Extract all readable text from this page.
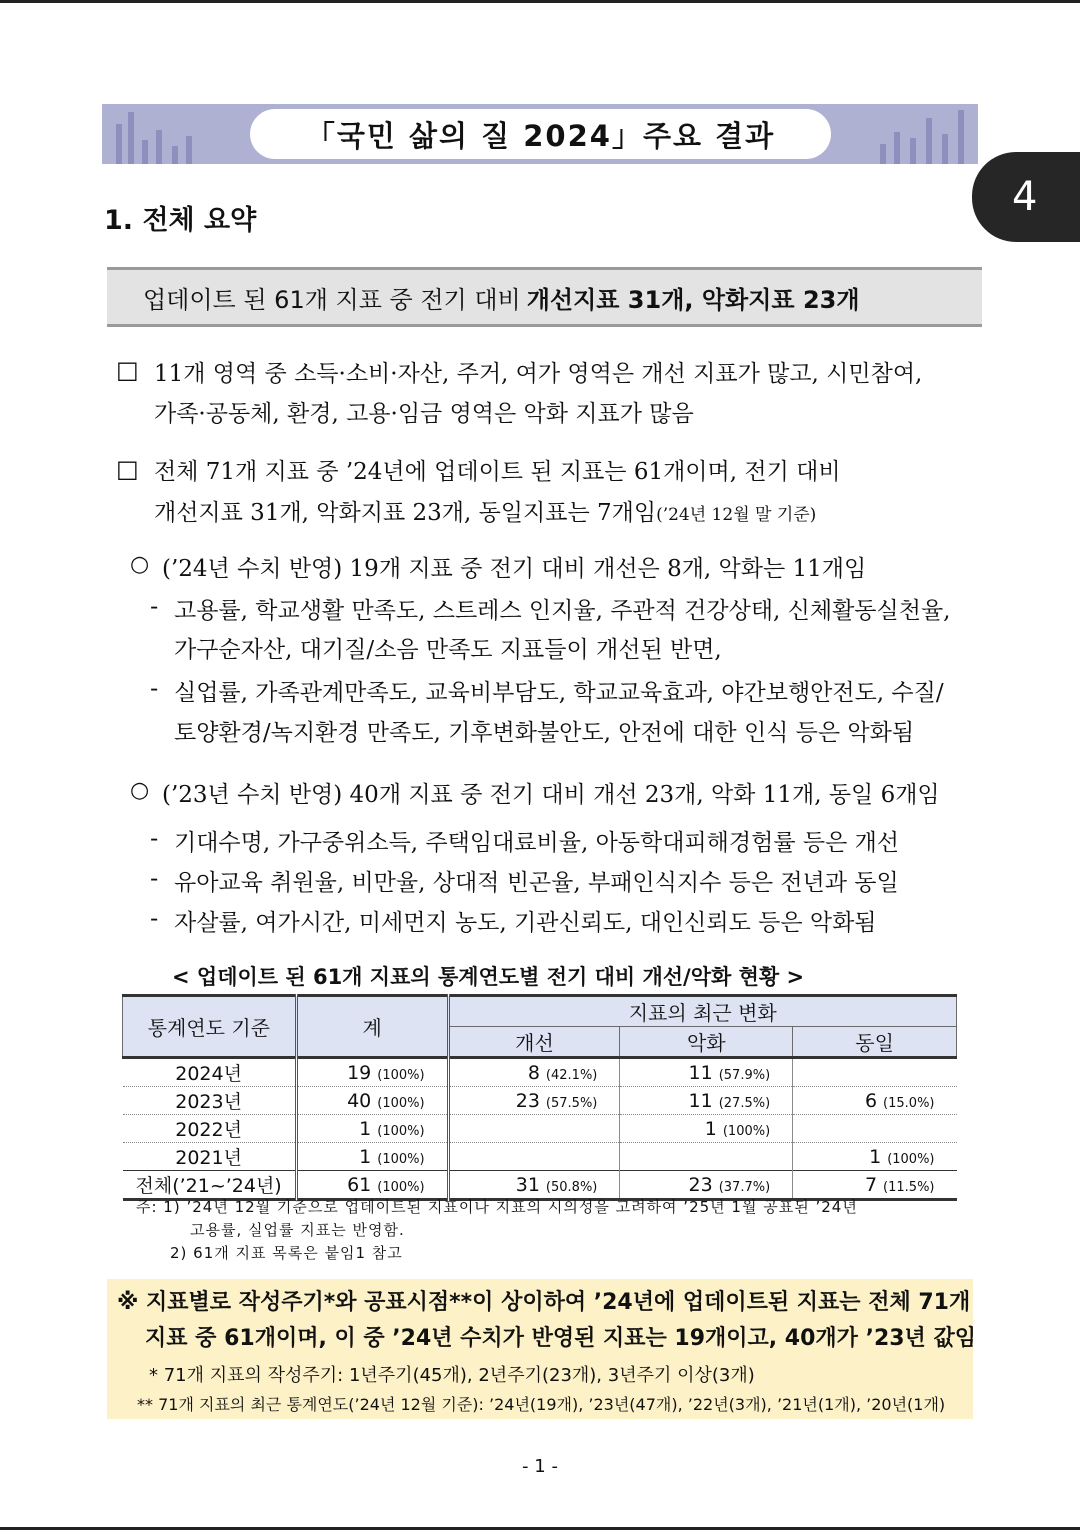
「국민 삶의 질 2024」주요 결과
4
1. 전체 요약
업데이트 된 61개 지표 중 전기 대비 개선지표 31개, 악화지표 23개
□ 11개 영역 중 소득·소비·자산, 주거, 여가 영역은 개선 지표가 많고, 시민참여,
가족·공동체, 환경, 고용·임금 영역은 악화 지표가 많음
□ 전체 71개 지표 중 ’24년에 업데이트 된 지표는 61개이며, 전기 대비
개선지표 31개, 악화지표 23개, 동일지표는 7개임(’24년 12월 말 기준)
○ (’24년 수치 반영) 19개 지표 중 전기 대비 개선은 8개, 악화는 11개임
- 고용률, 학교생활 만족도, 스트레스 인지율, 주관적 건강상태, 신체활동실천율,
가구순자산, 대기질/소음 만족도 지표들이 개선된 반면,
- 실업률, 가족관계만족도, 교육비부담도, 학교교육효과, 야간보행안전도, 수질/
토양환경/녹지환경 만족도, 기후변화불안도, 안전에 대한 인식 등은 악화됨
○ (’23년 수치 반영) 40개 지표 중 전기 대비 개선 23개, 악화 11개, 동일 6개임
- 기대수명, 가구중위소득, 주택임대료비율, 아동학대피해경험률 등은 개선
- 유아교육 취원율, 비만율, 상대적 빈곤율, 부패인식지수 등은 전년과 동일
- 자살률, 여가시간, 미세먼지 농도, 기관신뢰도, 대인신뢰도 등은 악화됨
< 업데이트 된 61개 지표의 통계연도별 전기 대비 개선/악화 현황 >
통계연도 기준	계	지표의 최근 변화		
		개선	악화	동일
2024년	19 (100%)	8 (42.1%)	11 (57.9%)	
2023년	40 (100%)	23 (57.5%)	11 (27.5%)	6 (15.0%)
2022년	1 (100%)		1 (100%)	
2021년	1 (100%)			1 (100%)
전체(’21~’24년)	61 (100%)	31 (50.8%)	23 (37.7%)	7 (11.5%)
주: 1) ’24년 12월 기준으로 업데이트된 지표이나 지표의 시의성을 고려하여 ’25년 1월 공표된 ’24년
고용률, 실업률 지표는 반영함.
2) 61개 지표 목록은 붙임1 참고
※ 지표별로 작성주기*와 공표시점**이 상이하여 ’24년에 업데이트된 지표는 전체 71개
지표 중 61개이며, 이 중 ’24년 수치가 반영된 지표는 19개이고, 40개가 ’23년 값임
* 71개 지표의 작성주기: 1년주기(45개), 2년주기(23개), 3년주기 이상(3개)
** 71개 지표의 최근 통계연도(’24년 12월 기준): ’24년(19개), ’23년(47개), ’22년(3개), ’21년(1개), ’20년(1개)
- 1 -
